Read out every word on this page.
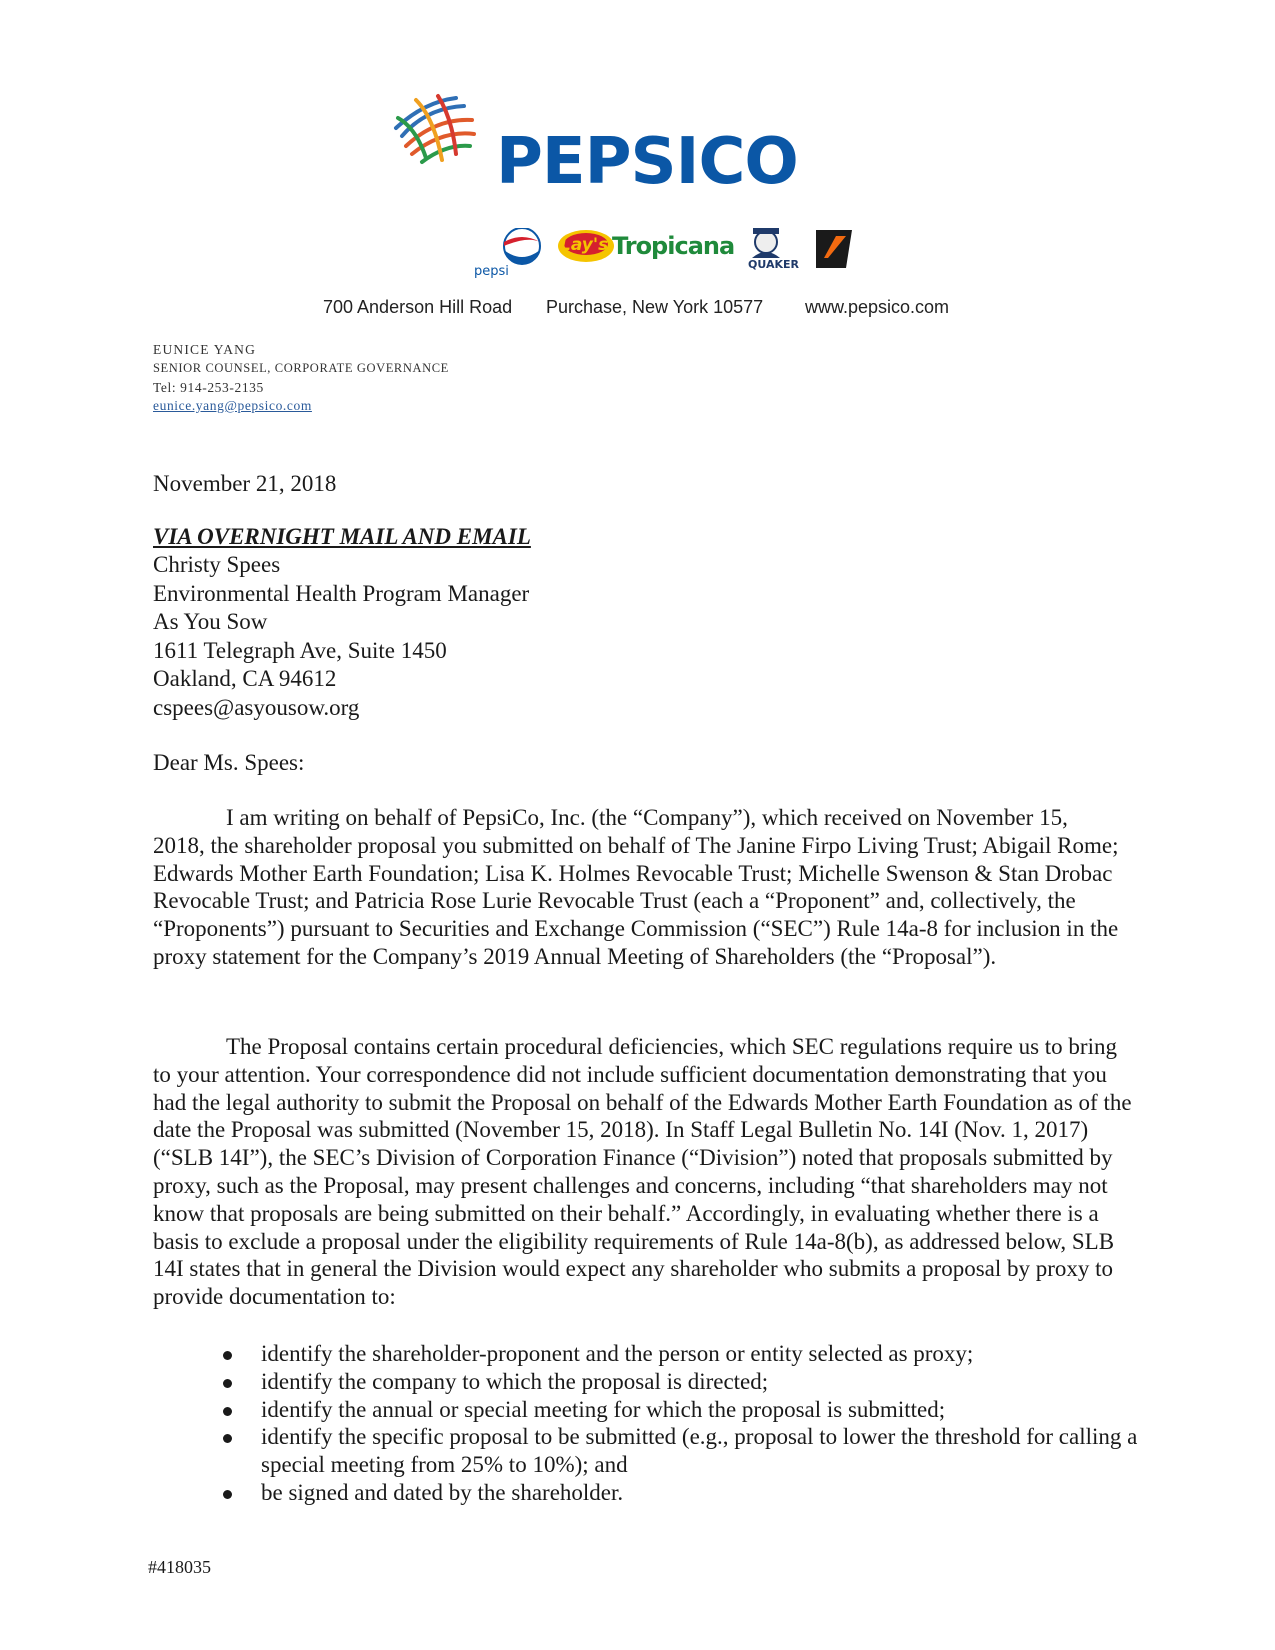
PEPSICO
pepsi
Lay's Tropicana
QUAKER
700 Anderson Hill Road Purchase, New York 10577 www.pepsico.com
EUNICE YANG
SENIOR COUNSEL, CORPORATE GOVERNANCE
Tel: 914-253-2135
eunice.yang@pepsico.com
November 21, 2018
VIA OVERNIGHT MAIL AND EMAIL
Christy Spees
Environmental Health Program Manager
As You Sow
1611 Telegraph Ave, Suite 1450
Oakland, CA 94612
cspees@asyousow.org
Dear Ms. Spees:
I am writing on behalf of PepsiCo, Inc. (the “Company”), which received on November 15, 2018, the shareholder proposal you submitted on behalf of The Janine Firpo Living Trust; Abigail Rome; Edwards Mother Earth Foundation; Lisa K. Holmes Revocable Trust; Michelle Swenson & Stan Drobac Revocable Trust; and Patricia Rose Lurie Revocable Trust (each a “Proponent” and, collectively, the “Proponents”) pursuant to Securities and Exchange Commission (“SEC”) Rule 14a-8 for inclusion in the proxy statement for the Company’s 2019 Annual Meeting of Shareholders (the “Proposal”).
The Proposal contains certain procedural deficiencies, which SEC regulations require us to bring to your attention. Your correspondence did not include sufficient documentation demonstrating that you had the legal authority to submit the Proposal on behalf of the Edwards Mother Earth Foundation as of the date the Proposal was submitted (November 15, 2018). In Staff Legal Bulletin No. 14I (Nov. 1, 2017) (“SLB 14I”), the SEC’s Division of Corporation Finance (“Division”) noted that proposals submitted by proxy, such as the Proposal, may present challenges and concerns, including “that shareholders may not know that proposals are being submitted on their behalf.” Accordingly, in evaluating whether there is a basis to exclude a proposal under the eligibility requirements of Rule 14a-8(b), as addressed below, SLB 14I states that in general the Division would expect any shareholder who submits a proposal by proxy to provide documentation to:
identify the shareholder-proponent and the person or entity selected as proxy;
identify the company to which the proposal is directed;
identify the annual or special meeting for which the proposal is submitted;
identify the specific proposal to be submitted (e.g., proposal to lower the threshold for calling a special meeting from 25% to 10%); and
be signed and dated by the shareholder.
#418035
